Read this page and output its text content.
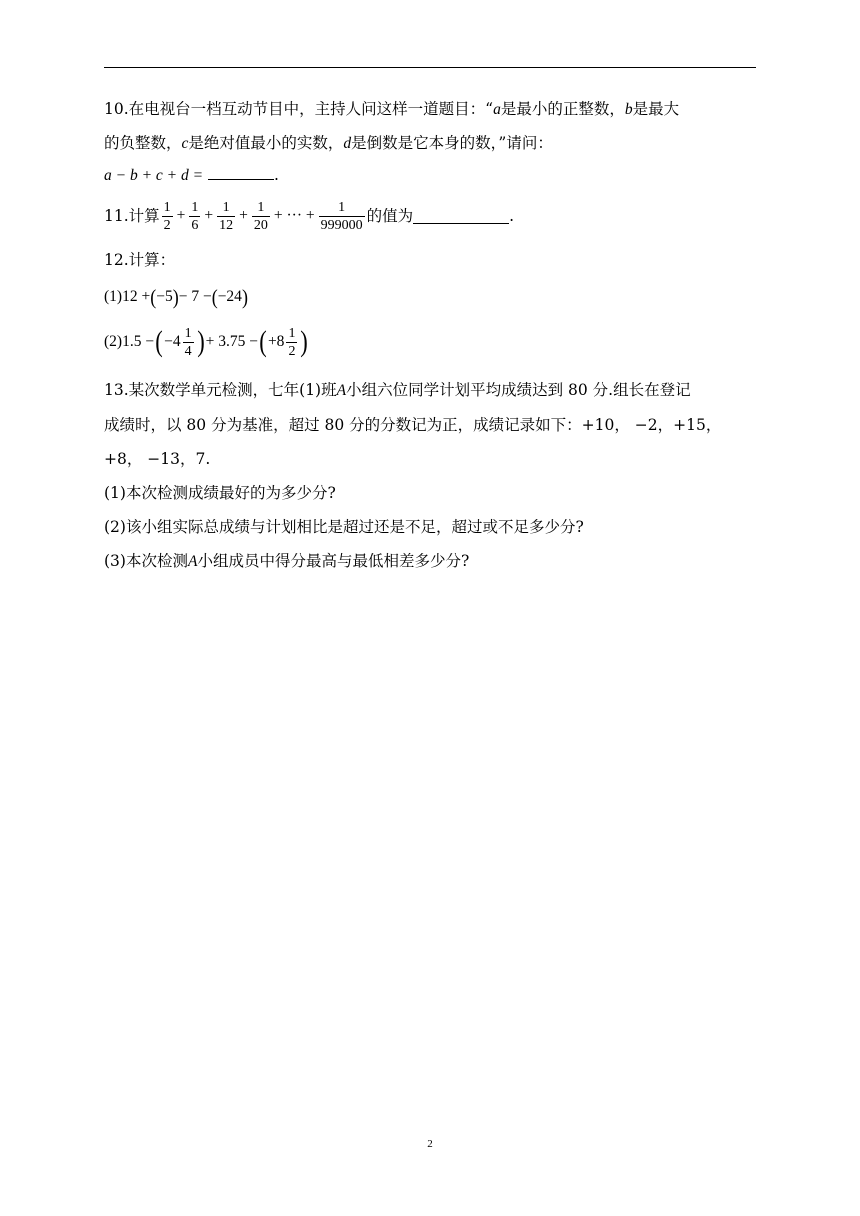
10.在电视台一档互动节目中，主持人问这样一道题目：“a是最小的正整数，b是最大
的负整数，c是绝对值最小的实数，d是倒数是它本身的数，”请问：
a − b + c + d =	.
11.计算 $\frac{1}{2} + \frac{1}{6} + \frac{1}{12} + \frac{1}{20}$ + ··· + $\frac{1}{999000}$ 的值为	.
12.计算：
(1)12 + ( −5 ) − 7 − ( −24 )
(2)1.5 − ( $-4 \frac{1}{4}$ ) + 3.75 − ( $+8 \frac{1}{2}$ )
13.某次数学单元检测，七年(1)班A小组六位同学计划平均成绩达到 80 分.组长在登记
成绩时，以 80 分为基准，超过 80 分的分数记为正，成绩记录如下：+10， −2，+15，
+8， −13，7.
(1)本次检测成绩最好的为多少分?
(2)该小组实际总成绩与计划相比是超过还是不足，超过或不足多少分?
(3)本次检测A小组成员中得分最高与最低相差多少分?
2
